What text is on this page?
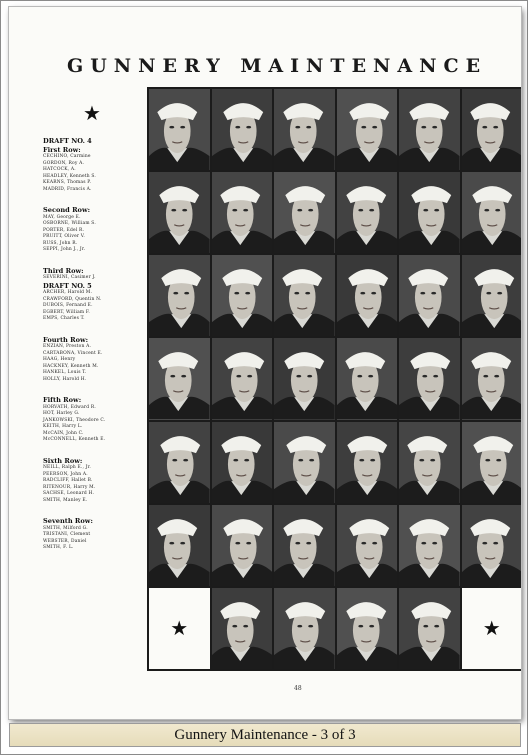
GUNNERY MAINTENANCE
★
DRAFT NO. 4
First Row:
CECHINO, Carmine
GORDON, Roy A.
HATCOCK, A.
HEADLEY, Kenneth S.
KEARNS, Thomas P.
MADRID, Francis A.
Second Row:
MAY, George E.
OSBORNE, William S.
PORTER, Edel R.
PRUITT, Oliver V.
RUSS, John R.
SEPPI, John J., Jr.
Third Row:
SEVERINI, Casimer J.
DRAFT NO. 5
ARCHER, Harold M.
CRAWFORD, Quentin N.
DUBOIS, Fernand E.
EGBERT, William F.
EMPS, Charles T.
Fourth Row:
ENZIAN, Preston A.
CARTABONA, Vincent E.
HAAG, Henry
HACKNEY, Kenneth M.
HANKEL, Louis T.
HOLLY, Harold H.
Fifth Row:
HORVATH, Edward R.
HOT, Harley G.
JANKOWSKI, Theodore C.
KEITH, Harry L.
McCAIN, John C.
McCONNELL, Kenneth E.
Sixth Row:
NEILL, Ralph E., Jr.
PEERSON, John A.
RADCLIFF, Hallet B.
RITENOUR, Harry M.
SACHSE, Leonard H.
SMITH, Manley E.
Seventh Row:
SMITH, Milford G.
TRISTANI, Clement
WEBSTER, Daniel
SMITH, F. L.
★	★
48
Gunnery Maintenance - 3 of 3
